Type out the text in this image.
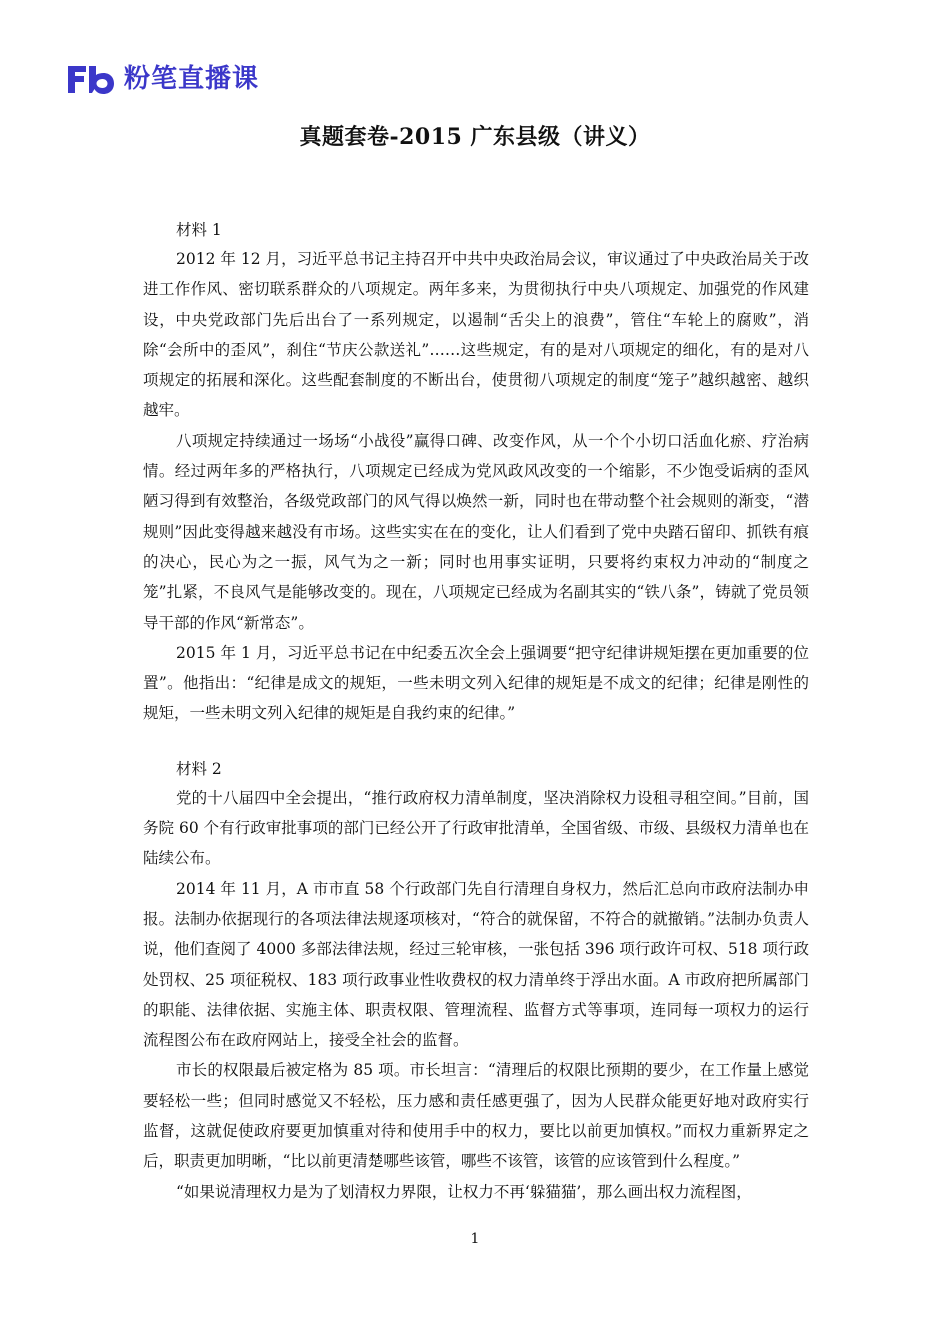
粉笔直播课
真题套卷-2015 广东县级（讲义）
材料 1

2012 年 12 月，习近平总书记主持召开中共中央政治局会议，审议通过了中央政治局关于改进工作作风、密切联系群众的八项规定。两年多来，为贯彻执行中央八项规定、加强党的作风建设，中央党政部门先后出台了一系列规定，以遏制“舌尖上的浪费”，管住“车轮上的腐败”，消除“会所中的歪风”，刹住“节庆公款送礼”……这些规定，有的是对八项规定的细化，有的是对八项规定的拓展和深化。这些配套制度的不断出台，使贯彻八项规定的制度“笼子”越织越密、越织越牢。

八项规定持续通过一场场“小战役”赢得口碑、改变作风，从一个个小切口活血化瘀、疗治病情。经过两年多的严格执行，八项规定已经成为党风政风改变的一个缩影，不少饱受诟病的歪风陋习得到有效整治，各级党政部门的风气得以焕然一新，同时也在带动整个社会规则的渐变，“潜规则”因此变得越来越没有市场。这些实实在在的变化，让人们看到了党中央踏石留印、抓铁有痕的决心，民心为之一振，风气为之一新；同时也用事实证明，只要将约束权力冲动的“制度之笼”扎紧，不良风气是能够改变的。现在，八项规定已经成为名副其实的“铁八条”，铸就了党员领导干部的作风“新常态”。

2015 年 1 月，习近平总书记在中纪委五次全会上强调要“把守纪律讲规矩摆在更加重要的位置”。他指出：“纪律是成文的规矩，一些未明文列入纪律的规矩是不成文的纪律；纪律是刚性的规矩，一些未明文列入纪律的规矩是自我约束的纪律。”

材料 2

党的十八届四中全会提出，“推行政府权力清单制度，坚决消除权力设租寻租空间。”目前，国务院 60 个有行政审批事项的部门已经公开了行政审批清单，全国省级、市级、县级权力清单也在陆续公布。

2014 年 11 月，A 市市直 58 个行政部门先自行清理自身权力，然后汇总向市政府法制办申报。法制办依据现行的各项法律法规逐项核对，“符合的就保留，不符合的就撤销。”法制办负责人说，他们查阅了 4000 多部法律法规，经过三轮审核，一张包括 396 项行政许可权、518 项行政处罚权、25 项征税权、183 项行政事业性收费权的权力清单终于浮出水面。A 市政府把所属部门的职能、法律依据、实施主体、职责权限、管理流程、监督方式等事项，连同每一项权力的运行流程图公布在政府网站上，接受全社会的监督。

市长的权限最后被定格为 85 项。市长坦言：“清理后的权限比预期的要少，在工作量上感觉要轻松一些；但同时感觉又不轻松，压力感和责任感更强了，因为人民群众能更好地对政府实行监督，这就促使政府要更加慎重对待和使用手中的权力，要比以前更加慎权。”而权力重新界定之后，职责更加明晰，“比以前更清楚哪些该管，哪些不该管，该管的应该管到什么程度。”

“如果说清理权力是为了划清权力界限，让权力不再‘躲猫猫’，那么画出权力流程图，

1
